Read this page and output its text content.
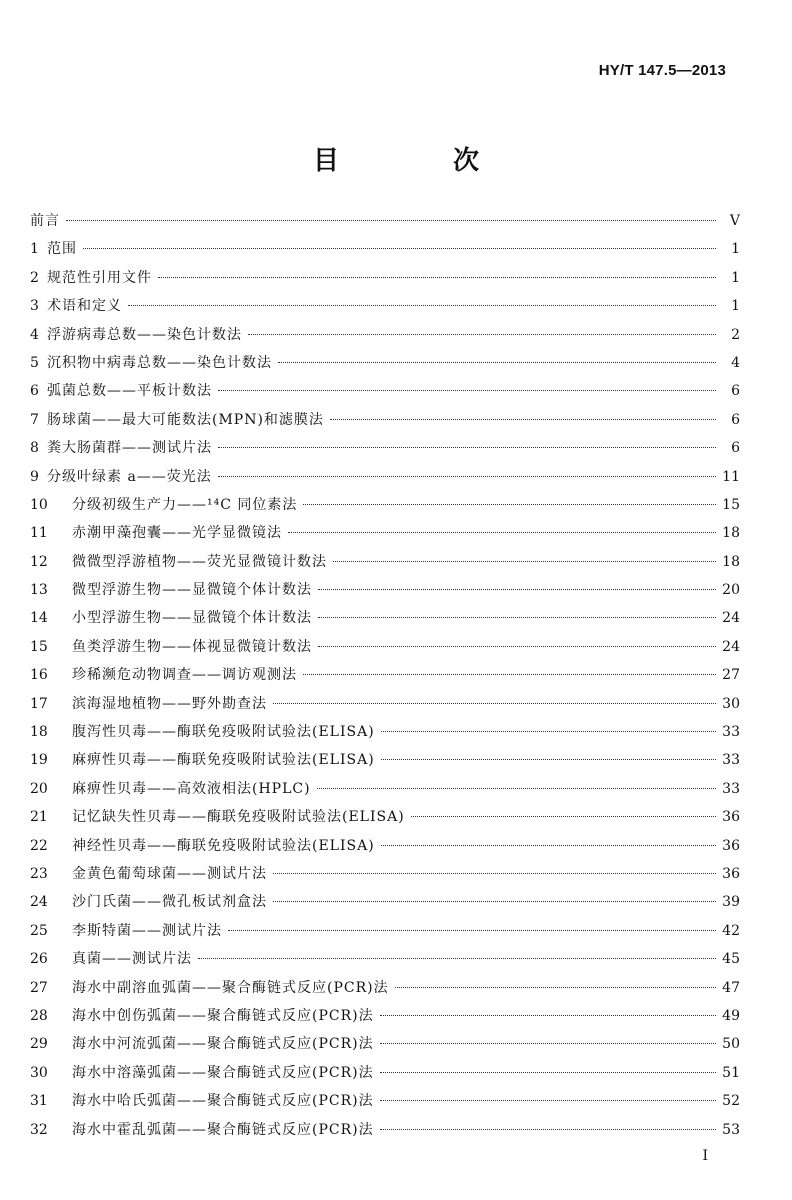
HY/T 147.5—2013
目　次
前言	Ⅴ
1 范围	1
2 规范性引用文件	1
3 术语和定义	1
4 浮游病毒总数——染色计数法	2
5 沉积物中病毒总数——染色计数法	4
6 弧菌总数——平板计数法	6
7 肠球菌——最大可能数法(MPN)和滤膜法	6
8 粪大肠菌群——测试片法	6
9 分级叶绿素 a——荧光法	11
10	分级初级生产力——¹⁴C 同位素法	15
11	赤潮甲藻孢囊——光学显微镜法	18
12	微微型浮游植物——荧光显微镜计数法	18
13	微型浮游生物——显微镜个体计数法	20
14	小型浮游生物——显微镜个体计数法	24
15	鱼类浮游生物——体视显微镜计数法	24
16	珍稀濒危动物调查——调访观测法	27
17	滨海湿地植物——野外勘查法	30
18	腹泻性贝毒——酶联免疫吸附试验法(ELISA)	33
19	麻痹性贝毒——酶联免疫吸附试验法(ELISA)	33
20	麻痹性贝毒——高效液相法(HPLC)	33
21	记忆缺失性贝毒——酶联免疫吸附试验法(ELISA)	36
22	神经性贝毒——酶联免疫吸附试验法(ELISA)	36
23	金黄色葡萄球菌——测试片法	36
24	沙门氏菌——微孔板试剂盒法	39
25	李斯特菌——测试片法	42
26	真菌——测试片法	45
27	海水中副溶血弧菌——聚合酶链式反应(PCR)法	47
28	海水中创伤弧菌——聚合酶链式反应(PCR)法	49
29	海水中河流弧菌——聚合酶链式反应(PCR)法	50
30	海水中溶藻弧菌——聚合酶链式反应(PCR)法	51
31	海水中哈氏弧菌——聚合酶链式反应(PCR)法	52
32	海水中霍乱弧菌——聚合酶链式反应(PCR)法	53
Ⅰ
